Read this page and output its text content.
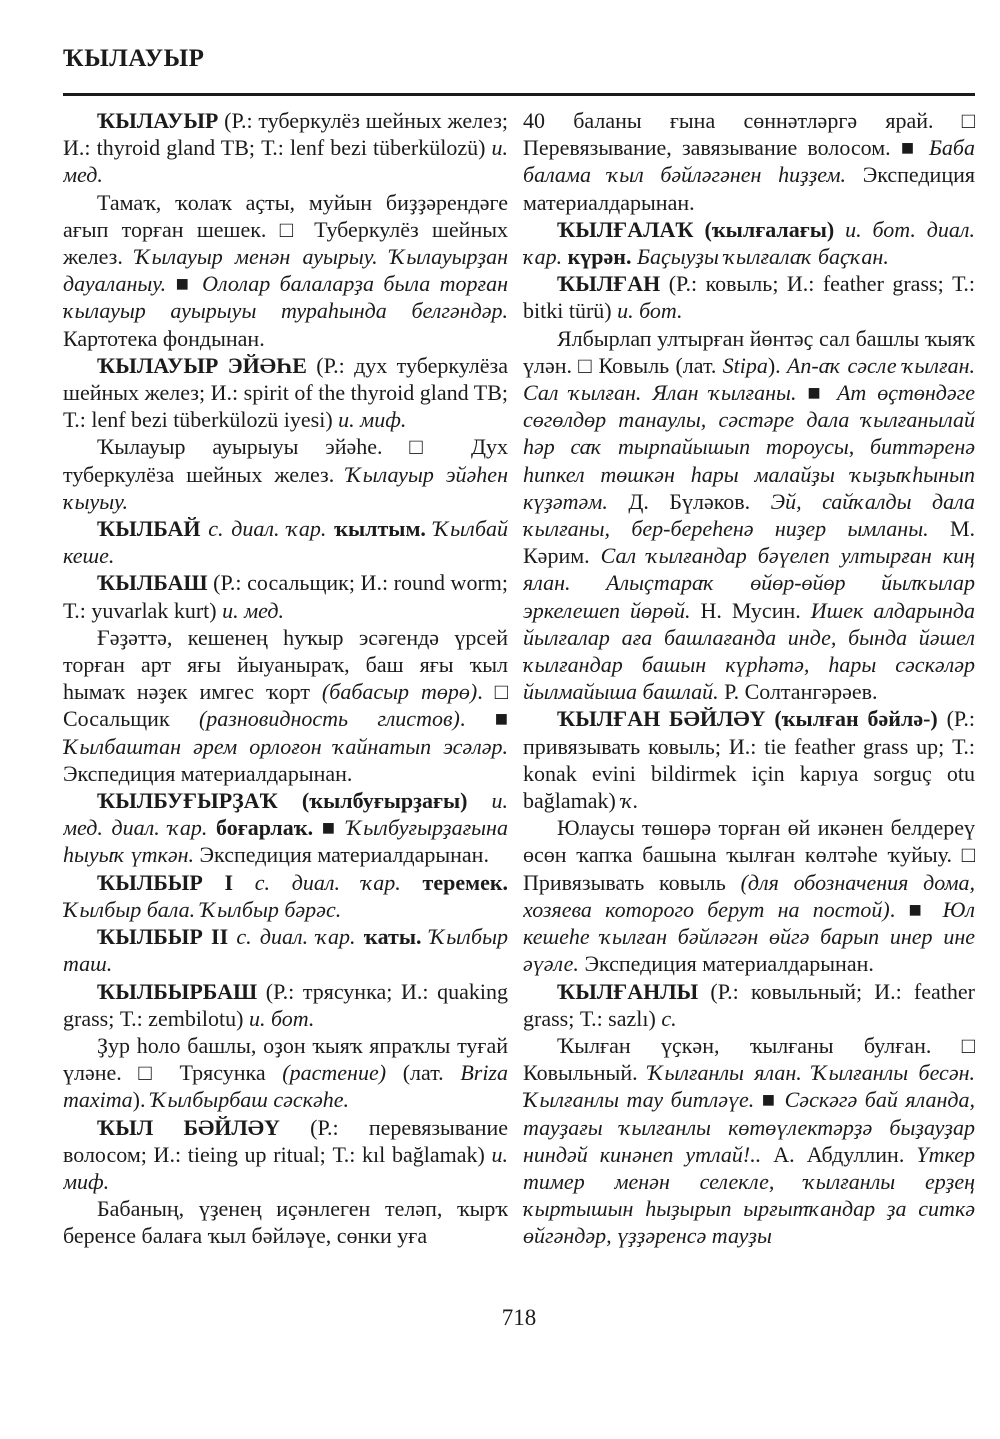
ҠЫЛАУЫР

ҠЫЛАУЫР (Р.: туберкулёз шейных желез; И.: thyroid gland TB; Т.: lenf bezi tüberkülozü) и. мед.

Тамаҡ, ҡолаҡ аҫты, муйын биҙҙәрендәге ағып торған шешек. □ Туберкулёз шейных желез. Ҡылауыр менән ауырыу. Ҡылауырҙан дауаланыу. ■ Ололар балаларҙа была торған ҡылауыр ауырыуы тураһында белгәндәр. Картотека фондынан.

ҠЫЛАУЫР ЭЙӘҺЕ (Р.: дух туберкулёза шейных желез; И.: spirit of the thyroid gland TB; Т.: lenf bezi tüberkülozü iyesi) и. миф.

Ҡылауыр ауырыуы эйәһе. □ Дух туберкулёза шейных желез. Ҡылауыр эйәһен ҡыуыу.

ҠЫЛБАЙ с. диал. ҡар. ҡылтым. Ҡылбай кеше.

ҠЫЛБАШ (Р.: сосальщик; И.: round worm; Т.: yuvarlak kurt) и. мед.

Ғәҙәттә, кешенең һуҡыр эсәгендә үрсей торған арт яғы йыуаныраҡ, баш яғы ҡыл һымаҡ нәҙек имгес ҡорт (бабасыр төрө). □ Сосальщик (разновидность глистов). ■ Ҡылбаштан әрем орлоғон ҡайнатып эсәләр. Экспедиция материалдарынан.

ҠЫЛБУҒЫРҘАҠ (ҡылбуғырҙағы) и. мед. диал. ҡар. боғарлаҡ. ■ Ҡылбуғырҙағына һыуыҡ үткән. Экспедиция материалдарынан.

ҠЫЛБЫР I с. диал. ҡар. теремек. Ҡылбыр бала. Ҡылбыр бәрәс.

ҠЫЛБЫР II с. диал. ҡар. ҡаты. Ҡылбыр таш.

ҠЫЛБЫРБАШ (Р.: трясунка; И.: quaking grass; Т.: zembilotu) и. бот.

Ҙур һоло башлы, оҙон ҡыяҡ япраҡлы туғай үләне. □ Трясунка (растение) (лат. Briza maxima). Ҡылбырбаш сәскәһе.

ҠЫЛ БӘЙЛӘҮ (Р.: перевязывание волосом; И.: tieing up ritual; Т.: kıl bağlamak) и. миф.

Бабаның, үҙенең иҫәнлеген теләп, ҡырҡ беренсе балаға ҡыл бәйләүе, сөнки уға

40 баланы ғына сөннәтләргә ярай. □ Перевязывание, завязывание волосом. ■ Баба балама ҡыл бәйләгәнен һиҙҙем. Экспедиция материалдарынан.

ҠЫЛҒАЛАҠ (ҡылғалағы) и. бот. диал. ҡар. күрән. Баҫыуҙы ҡылғалаҡ баҫҡан.

ҠЫЛҒАН (Р.: ковыль; И.: feather grass; Т.: bitki türü) и. бот.

Ялбырлап ултырған йөнтәҫ сал башлы ҡыяҡ үлән. □ Ковыль (лат. Stipa). Ап-аҡ сәсле ҡылған. Сал ҡылған. Ялан ҡылғаны. ■ Ат өҫтөндәге сөгөлдөр танаулы, сәстәре дала ҡылғанылай һәр саҡ тырпайышып тороусы, биттәренә һипкел төшкән һары малайҙы ҡыҙыҡһынып күҙәтәм. Д. Бүләков. Эй, сайҡалды дала ҡылғаны, бер-береһенә ниҙер ымланы. М. Кәрим. Сал ҡылғандар бәүелеп ултырған киң ялан. Алыҫтараҡ өйөр-өйөр йылҡылар эркелешеп йөрөй. Н. Мусин. Ишек алдарында йылғалар аға башлағанда инде, бында йәшел ҡылғандар башын күрһәтә, һары сәскәләр йылмайыша башлай. Р. Солтангәрәев.

ҠЫЛҒАН БӘЙЛӘҮ (ҡылған бәйлә-) (Р.: привязывать ковыль; И.: tie feather grass up; Т.: konak evini bildirmek için kapıya sorguç otu bağlamak) ҡ.

Юлаусы төшөрә торған өй икәнен белдереү өсөн ҡапҡа башына ҡылған көлтәһе ҡуйыу. □ Привязывать ковыль (для обозначения дома, хозяева которого берут на постой). ■ Юл кешеһе ҡылған бәйләгән өйгә барып инер ине әүәле. Экспедиция материалдарынан.

ҠЫЛҒАНЛЫ (Р.: ковыльный; И.: feather grass; Т.: sazlı) с.

Ҡылған үҫкән, ҡылғаны булған. □ Ковыльный. Ҡылғанлы ялан. Ҡылғанлы бесән. Ҡылғанлы тау битләүе. ■ Сәскәгә бай яланда, тауҙағы ҡылғанлы көтөүлектәрҙә быҙауҙар ниндәй кинәнеп утлай!.. А. Абдуллин. Үткер тимер менән селекле, ҡылғанлы ерҙең ҡыртышын һыҙырып ырғытҡандар ҙа ситкә өйгәндәр, үҙҙәренсә тауҙы

718
